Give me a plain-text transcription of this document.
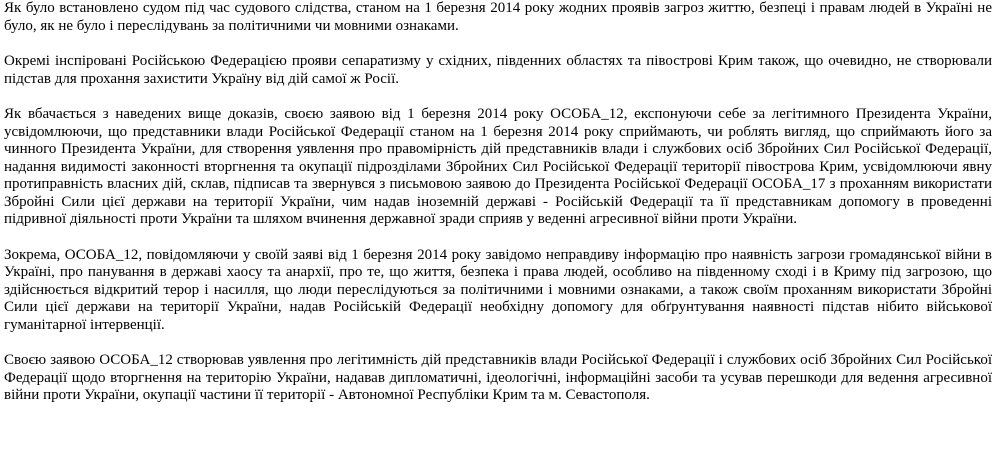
Як було встановлено судом під час судового слідства, станом на 1 березня 2014 року жодних проявів загроз життю, безпеці і правам людей в Україні не було, як не було і переслідувань за політичними чи мовними ознаками.

Окремі інспіровані Російською Федерацією прояви сепаратизму у східних, південних областях та півострові Крим також, що очевидно, не створювали підстав для прохання захистити Україну від дій самої ж Росії.

Як вбачається з наведених вище доказів, своєю заявою від 1 березня 2014 року ОСОБА_12, експонуючи себе за легітимного Президента України, усвідомлюючи, що представники влади Російської Федерації станом на 1 березня 2014 року сприймають, чи роблять вигляд, що сприймають його за чинного Президента України, для створення уявлення про правомірність дій представників влади і службових осіб Збройних Сил Російської Федерації, надання видимості законності вторгнення та окупації підрозділами Збройних Сил Російської Федерації території півострова Крим, усвідомлюючи явну протиправність власних дій, склав, підписав та звернувся з письмовою заявою до Президента Російської Федерації ОСОБА_17 з проханням використати Збройні Сили цієї держави на території України, чим надав іноземній державі - Російській Федерації та її представникам допомогу в проведенні підривної діяльності проти України та шляхом вчинення державної зради сприяв у веденні агресивної війни проти України.

Зокрема, ОСОБА_12, повідомляючи у своїй заяві від 1 березня 2014 року завідомо неправдиву інформацію про наявність загрози громадянської війни в Україні, про панування в державі хаосу та анархії, про те, що життя, безпека і права людей, особливо на південному сході і в Криму під загрозою, що здійснюється відкритий терор і насилля, що люди переслідуються за політичними і мовними ознаками, а також своїм проханням використати Збройні Сили цієї держави на території України, надав Російській Федерації необхідну допомогу для обґрунтування наявності підстав нібито військової гуманітарної інтервенції.

Своєю заявою ОСОБА_12 створював уявлення про легітимність дій представників влади Російської Федерації і службових осіб Збройних Сил Російської Федерації щодо вторгнення на територію України, надавав дипломатичні, ідеологічні, інформаційні засоби та усував перешкоди для ведення агресивної війни проти України, окупації частини її території - Автономної Республіки Крим та м. Севастополя.
